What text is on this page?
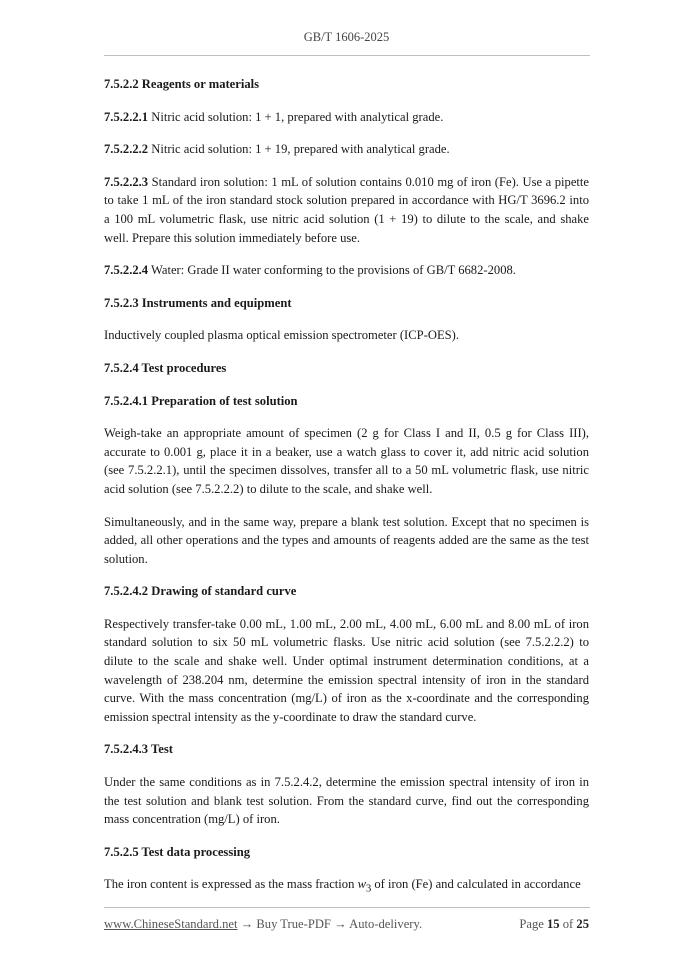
GB/T 1606-2025
7.5.2.2 Reagents or materials

7.5.2.2.1 Nitric acid solution: 1 + 1, prepared with analytical grade.

7.5.2.2.2 Nitric acid solution: 1 + 19, prepared with analytical grade.

7.5.2.2.3 Standard iron solution: 1 mL of solution contains 0.010 mg of iron (Fe). Use a pipette to take 1 mL of the iron standard stock solution prepared in accordance with HG/T 3696.2 into a 100 mL volumetric flask, use nitric acid solution (1 + 19) to dilute to the scale, and shake well. Prepare this solution immediately before use.

7.5.2.2.4 Water: Grade II water conforming to the provisions of GB/T 6682-2008.

7.5.2.3 Instruments and equipment

Inductively coupled plasma optical emission spectrometer (ICP-OES).

7.5.2.4 Test procedures
7.5.2.4.1 Preparation of test solution

Weigh-take an appropriate amount of specimen (2 g for Class I and II, 0.5 g for Class III), accurate to 0.001 g, place it in a beaker, use a watch glass to cover it, add nitric acid solution (see 7.5.2.2.1), until the specimen dissolves, transfer all to a 50 mL volumetric flask, use nitric acid solution (see 7.5.2.2.2) to dilute to the scale, and shake well.

Simultaneously, and in the same way, prepare a blank test solution. Except that no specimen is added, all other operations and the types and amounts of reagents added are the same as the test solution.

7.5.2.4.2 Drawing of standard curve

Respectively transfer-take 0.00 mL, 1.00 mL, 2.00 mL, 4.00 mL, 6.00 mL and 8.00 mL of iron standard solution to six 50 mL volumetric flasks. Use nitric acid solution (see 7.5.2.2.2) to dilute to the scale and shake well. Under optimal instrument determination conditions, at a wavelength of 238.204 nm, determine the emission spectral intensity of iron in the standard curve. With the mass concentration (mg/L) of iron as the x-coordinate and the corresponding emission spectral intensity as the y-coordinate to draw the standard curve.

7.5.2.4.3 Test

Under the same conditions as in 7.5.2.4.2, determine the emission spectral intensity of iron in the test solution and blank test solution. From the standard curve, find out the corresponding mass concentration (mg/L) of iron.

7.5.2.5 Test data processing

The iron content is expressed as the mass fraction $w_3$ of iron (Fe) and calculated in accordance

www.ChineseStandard.net → Buy True-PDF → Auto-delivery.	Page 15 of 25
